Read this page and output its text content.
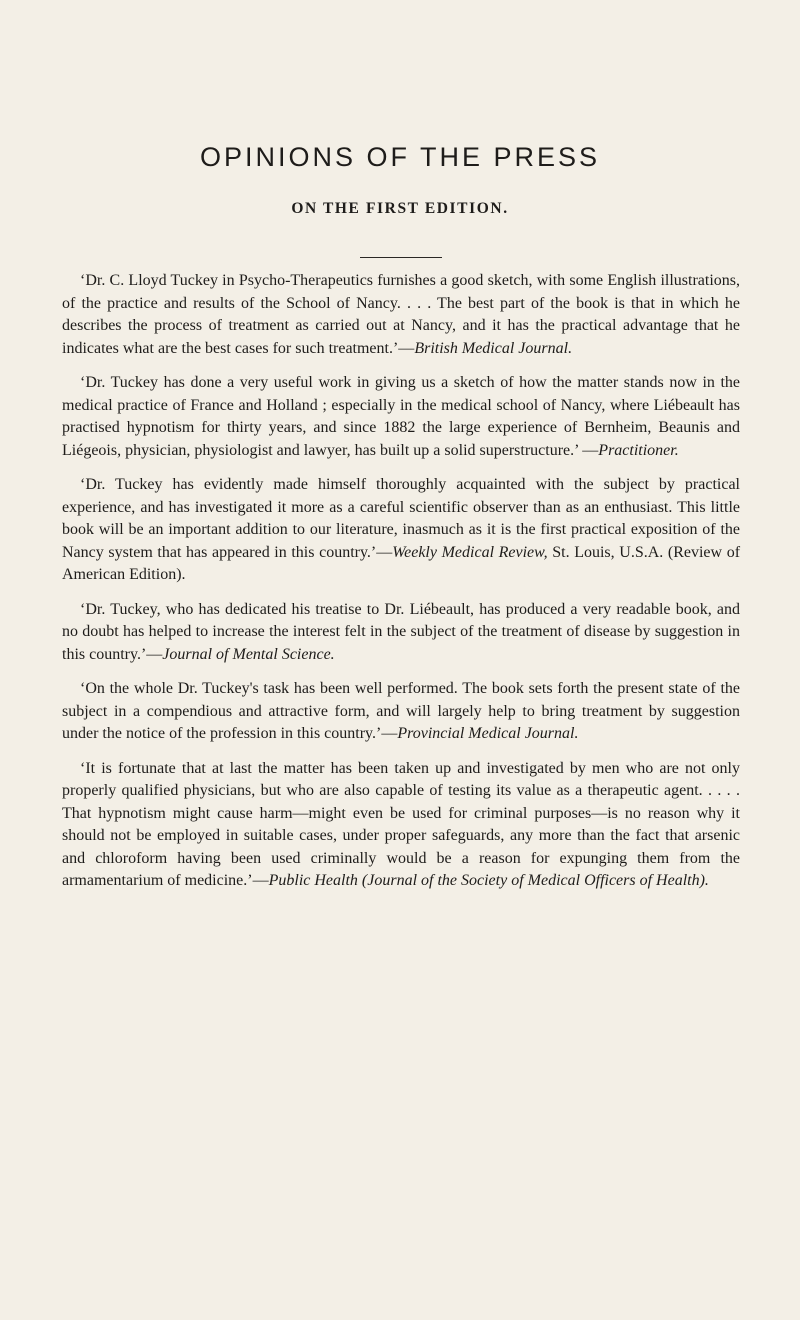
OPINIONS OF THE PRESS
ON THE FIRST EDITION.

‘Dr. C. Lloyd Tuckey in Psycho-Therapeutics furnishes a good sketch, with some English illustrations, of the practice and results of the School of Nancy. . . . The best part of the book is that in which he describes the process of treatment as carried out at Nancy, and it has the practical advantage that he indicates what are the best cases for such treatment.’—British Medical Journal.

‘Dr. Tuckey has done a very useful work in giving us a sketch of how the matter stands now in the medical practice of France and Holland ; especially in the medical school of Nancy, where Liébeault has practised hypnotism for thirty years, and since 1882 the large experience of Bernheim, Beaunis and Liégeois, physician, physiologist and lawyer, has built up a solid superstructure.’ —Practitioner.

‘Dr. Tuckey has evidently made himself thoroughly acquainted with the subject by practical experience, and has investigated it more as a careful scientific observer than as an enthusiast. This little book will be an important addition to our literature, inasmuch as it is the first practical exposition of the Nancy system that has appeared in this country.’—Weekly Medical Review, St. Louis, U.S.A. (Review of American Edition).

‘Dr. Tuckey, who has dedicated his treatise to Dr. Liébeault, has produced a very readable book, and no doubt has helped to increase the interest felt in the subject of the treatment of disease by suggestion in this country.’—Journal of Mental Science.

‘On the whole Dr. Tuckey's task has been well performed. The book sets forth the present state of the subject in a compendious and attractive form, and will largely help to bring treatment by suggestion under the notice of the profession in this country.’—Provincial Medical Journal.

‘It is fortunate that at last the matter has been taken up and investigated by men who are not only properly qualified physicians, but who are also capable of testing its value as a therapeutic agent. . . . . That hypnotism might cause harm—might even be used for criminal purposes—is no reason why it should not be employed in suitable cases, under proper safeguards, any more than the fact that arsenic and chloroform having been used criminally would be a reason for expunging them from the armamentarium of medicine.’—Public Health (Journal of the Society of Medical Officers of Health).
